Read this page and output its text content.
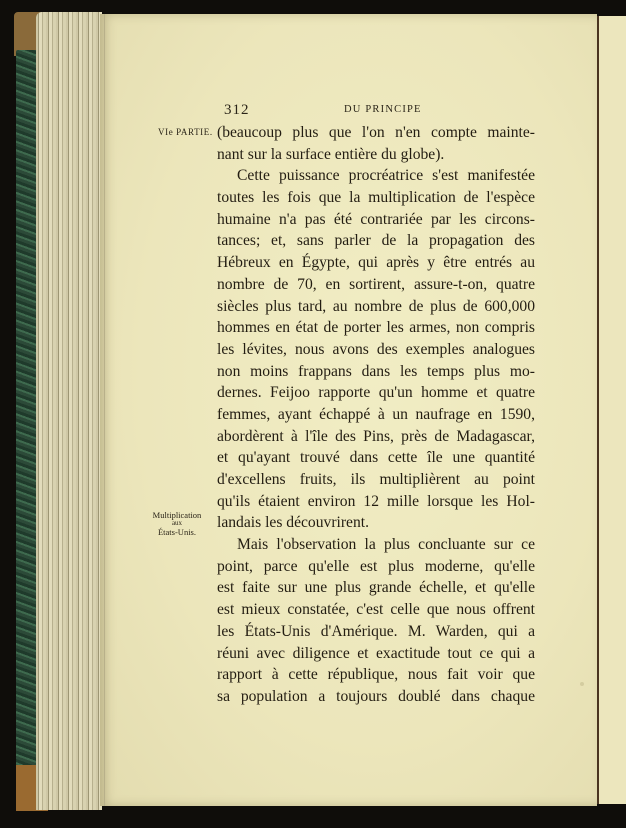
312	DU PRINCIPE
VIe PARTIE.
Multiplication
aux
États-Unis.
(beaucoup plus que l'on n'en compte mainte-
nant sur la surface entière du globe).
Cette puissance procréatrice s'est manifestée
toutes les fois que la multiplication de l'espèce
humaine n'a pas été contrariée par les circons-
tances; et, sans parler de la propagation des
Hébreux en Égypte, qui après y être entrés au
nombre de 70, en sortirent, assure-t-on, quatre
siècles plus tard, au nombre de plus de 600,000
hommes en état de porter les armes, non compris
les lévites, nous avons des exemples analogues
non moins frappans dans les temps plus mo-
dernes. Feijoo rapporte qu'un homme et quatre
femmes, ayant échappé à un naufrage en 1590,
abordèrent à l'île des Pins, près de Madagascar,
et qu'ayant trouvé dans cette île une quantité
d'excellens fruits, ils multiplièrent au point
qu'ils étaient environ 12 mille lorsque les Hol-
landais les découvrirent.
Mais l'observation la plus concluante sur ce
point, parce qu'elle est plus moderne, qu'elle
est faite sur une plus grande échelle, et qu'elle
est mieux constatée, c'est celle que nous offrent
les États-Unis d'Amérique. M. Warden, qui a
réuni avec diligence et exactitude tout ce qui a
rapport à cette république, nous fait voir que
sa population a toujours doublé dans chaque
